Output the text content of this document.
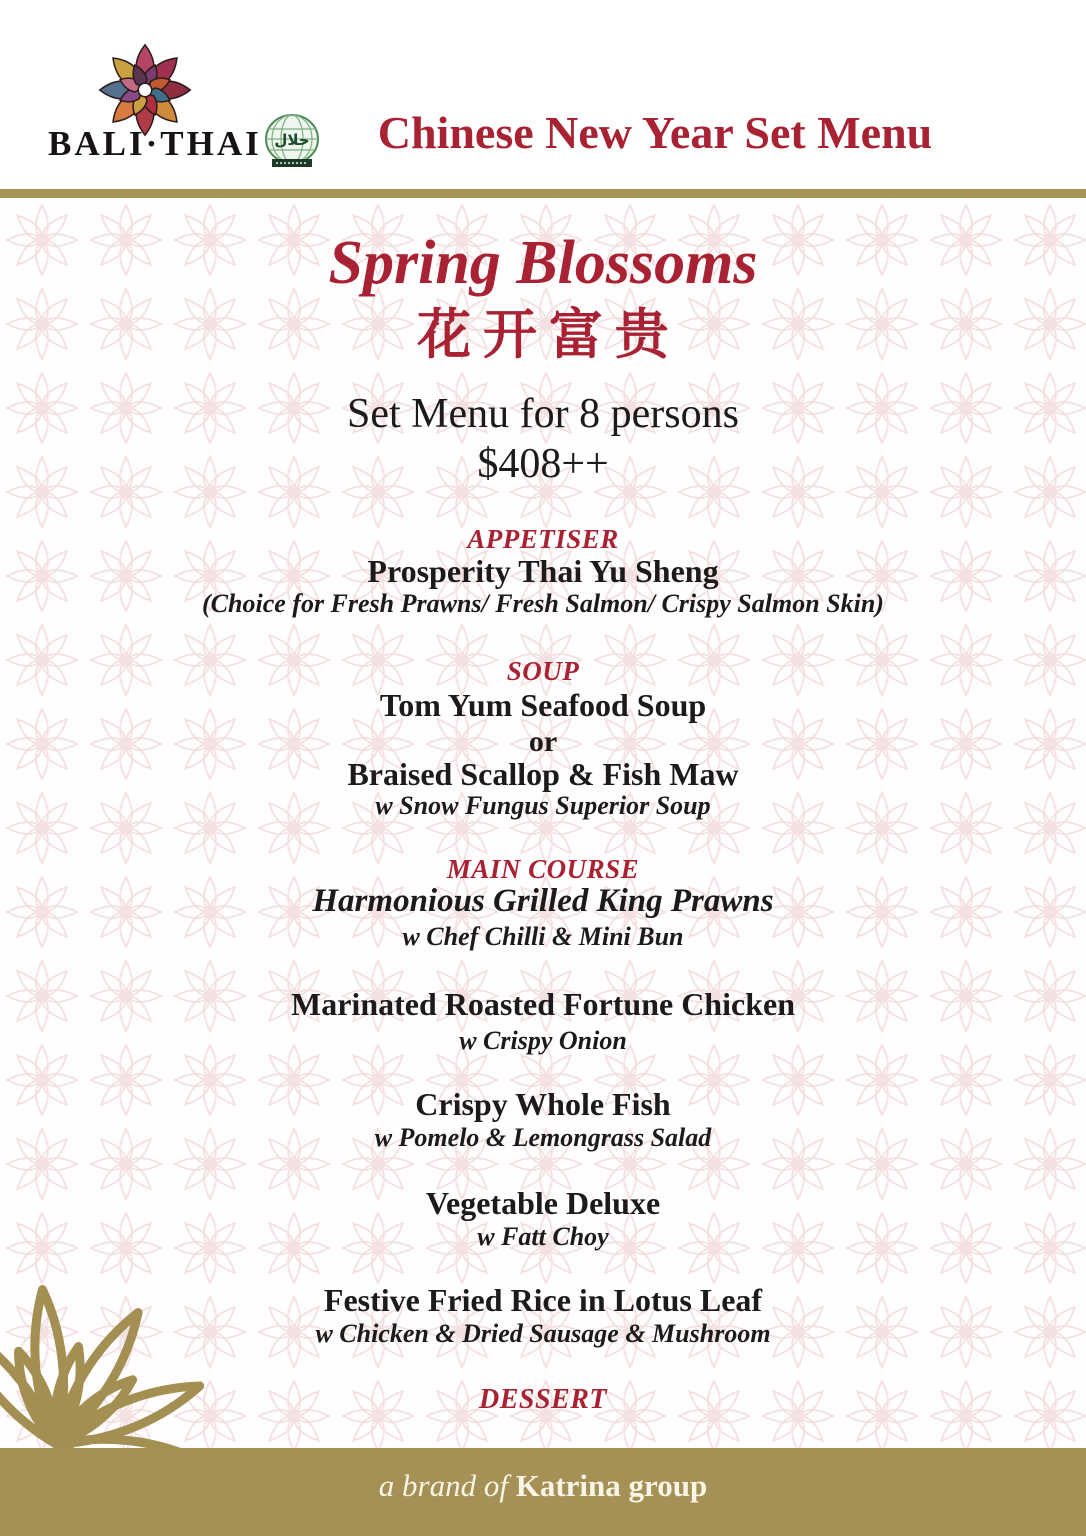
BALI·THAI حلال	Chinese New Year Set Menu
Spring Blossoms
花开富贵
Set Menu for 8 persons
$408++
APPETISER
Prosperity Thai Yu Sheng
(Choice for Fresh Prawns/ Fresh Salmon/ Crispy Salmon Skin)
SOUP
Tom Yum Seafood Soup
or
Braised Scallop & Fish Maw
w Snow Fungus Superior Soup
MAIN COURSE
Harmonious Grilled King Prawns
w Chef Chilli & Mini Bun
Marinated Roasted Fortune Chicken
w Crispy Onion
Crispy Whole Fish
w Pomelo & Lemongrass Salad
Vegetable Deluxe
w Fatt Choy
Festive Fried Rice in Lotus Leaf
w Chicken & Dried Sausage & Mushroom
DESSERT
a brand of Katrina group
